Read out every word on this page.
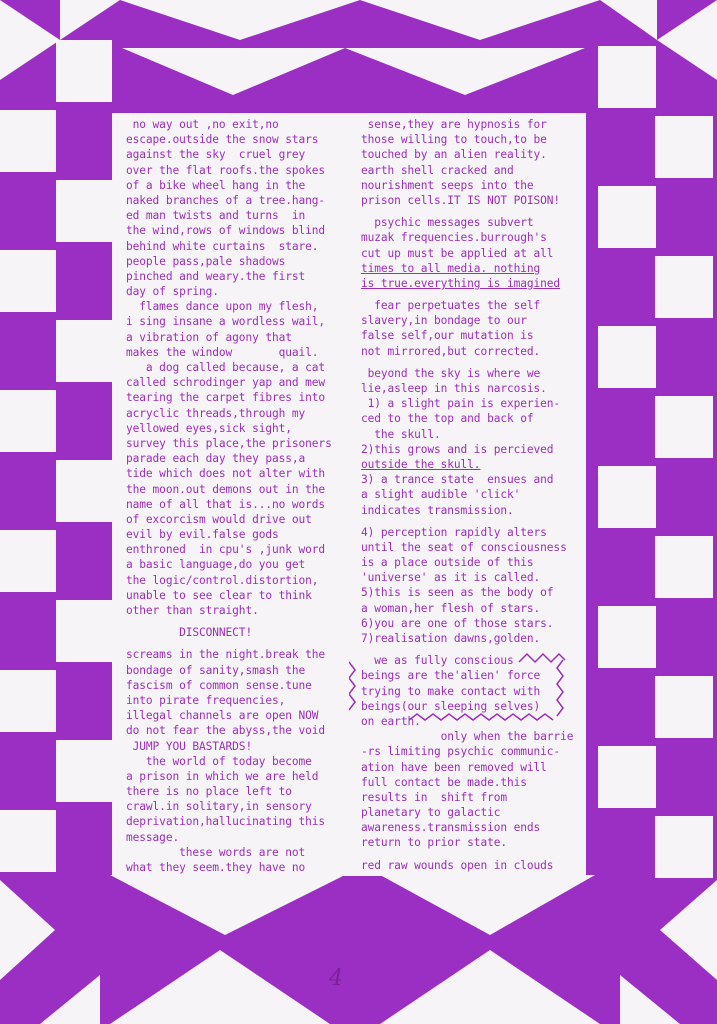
no way out ,no exit,no
escape.outside the snow stars
against the sky  cruel grey
over the flat roofs.the spokes
of a bike wheel hang in the
naked branches of a tree.hang-
ed man twists and turns  in
the wind,rows of windows blind
behind white curtains  stare.
people pass,pale shadows
pinched and weary.the first
day of spring.
flames dance upon my flesh,
i sing insane a wordless wail,
a vibration of agony that
makes the window       quail.
a dog called because, a cat
called schrodinger yap and mew
tearing the carpet fibres into
acryclic threads,through my
yellowed eyes,sick sight,
survey this place,the prisoners
parade each day they pass,a
tide which does not alter with
the moon.out demons out in the
name of all that is...no words
of excorcism would drive out
evil by evil.false gods
enthroned  in cpu's ,junk word
a basic language,do you get
the logic/control.distortion,
unable to see clear to think
other than straight.
DISCONNECT!
screams in the night.break the
bondage of sanity,smash the
fascism of common sense.tune
into pirate frequencies,
illegal channels are open NOW
do not fear the abyss,the void
JUMP YOU BASTARDS!
the world of today become
a prison in which we are held
there is no place left to
crawl.in solitary,in sensory
deprivation,hallucinating this
message.
these words are not
what they seem.they have no
sense,they are hypnosis for
those willing to touch,to be
touched by an alien reality.
earth shell cracked and
nourishment seeps into the
prison cells.IT IS NOT POISON!
psychic messages subvert
muzak frequencies.burrough's
cut up must be applied at all
times to all media. nothing
is true.everything is imagined
fear perpetuates the self
slavery,in bondage to our
false self,our mutation is
not mirrored,but corrected.
beyond the sky is where we
lie,asleep in this narcosis.
1) a slight pain is experien-
ced to the top and back of
the skull.
2)this grows and is percieved
outside the skull.
3) a trance state  ensues and
a slight audible 'click'
indicates transmission.
4) perception rapidly alters
until the seat of consciousness
is a place outside of this
'universe' as it is called.
5)this is seen as the body of
a woman,her flesh of stars.
6)you are one of those stars.
7)realisation dawns,golden.
we as fully conscious
beings are the'alien' force
trying to make contact with
beings(our sleeping selves)
on earth.
only when the barrie
-rs limiting psychic communic-
ation have been removed will
full contact be made.this
results in  shift from
planetary to galactic
awareness.transmission ends
return to prior state.
red raw wounds open in clouds
4
